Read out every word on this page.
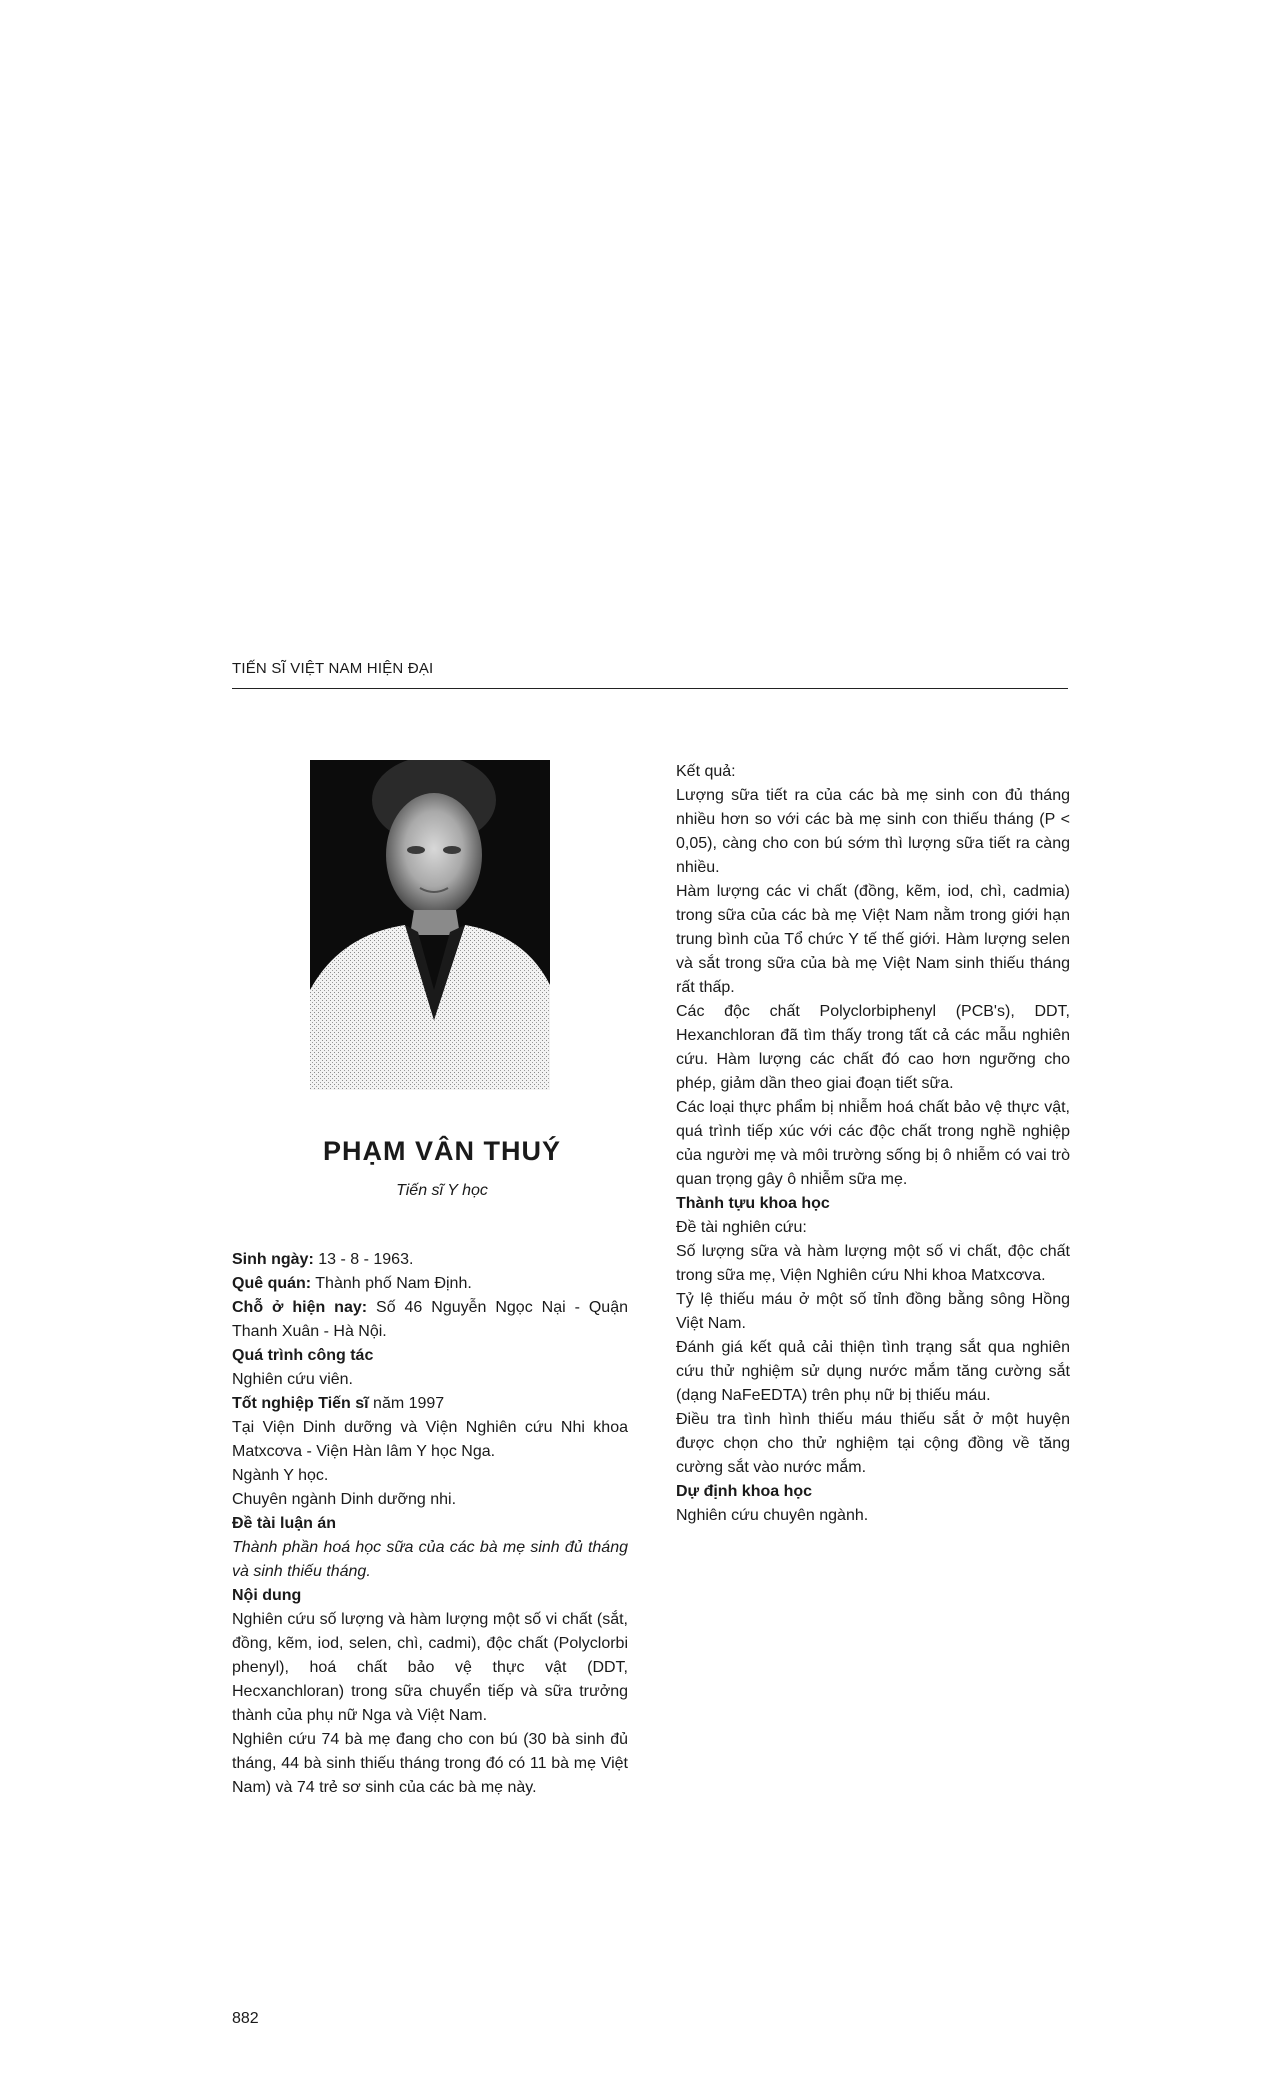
TIẾN SĨ VIỆT NAM HIỆN ĐẠI
PHẠM VÂN THUÝ
Tiến sĩ Y học

Sinh ngày: 13 - 8 - 1963.

Quê quán: Thành phố Nam Định.

Chỗ ở hiện nay: Số 46 Nguyễn Ngọc Nại - Quận Thanh Xuân - Hà Nội.

Quá trình công tác

Nghiên cứu viên.

Tốt nghiệp Tiến sĩ năm 1997

Tại Viện Dinh dưỡng và Viện Nghiên cứu Nhi khoa Matxcơva - Viện Hàn lâm Y học Nga.

Ngành Y học.

Chuyên ngành Dinh dưỡng nhi.

Đề tài luận án

Thành phần hoá học sữa của các bà mẹ sinh đủ tháng và sinh thiếu tháng.

Nội dung

Nghiên cứu số lượng và hàm lượng một số vi chất (sắt, đồng, kẽm, iod, selen, chì, cadmi), độc chất (Polyclorbi phenyl), hoá chất bảo vệ thực vật (DDT, Hecxanchloran) trong sữa chuyển tiếp và sữa trưởng thành của phụ nữ Nga và Việt Nam.

Nghiên cứu 74 bà mẹ đang cho con bú (30 bà sinh đủ tháng, 44 bà sinh thiếu tháng trong đó có 11 bà mẹ Việt Nam) và 74 trẻ sơ sinh của các bà mẹ này.

Kết quả:

Lượng sữa tiết ra của các bà mẹ sinh con đủ tháng nhiều hơn so với các bà mẹ sinh con thiếu tháng (P < 0,05), càng cho con bú sớm thì lượng sữa tiết ra càng nhiều.

Hàm lượng các vi chất (đồng, kẽm, iod, chì, cadmia) trong sữa của các bà mẹ Việt Nam nằm trong giới hạn trung bình của Tổ chức Y tế thế giới. Hàm lượng selen và sắt trong sữa của bà mẹ Việt Nam sinh thiếu tháng rất thấp.

Các độc chất Polyclorbiphenyl (PCB's), DDT, Hexanchloran đã tìm thấy trong tất cả các mẫu nghiên cứu. Hàm lượng các chất đó cao hơn ngưỡng cho phép, giảm dần theo giai đoạn tiết sữa.

Các loại thực phẩm bị nhiễm hoá chất bảo vệ thực vật, quá trình tiếp xúc với các độc chất trong nghề nghiệp của người mẹ và môi trường sống bị ô nhiễm có vai trò quan trọng gây ô nhiễm sữa mẹ.

Thành tựu khoa học

Đề tài nghiên cứu:

Số lượng sữa và hàm lượng một số vi chất, độc chất trong sữa mẹ, Viện Nghiên cứu Nhi khoa Matxcơva.

Tỷ lệ thiếu máu ở một số tỉnh đồng bằng sông Hồng Việt Nam.

Đánh giá kết quả cải thiện tình trạng sắt qua nghiên cứu thử nghiệm sử dụng nước mắm tăng cường sắt (dạng NaFeEDTA) trên phụ nữ bị thiếu máu.

Điều tra tình hình thiếu máu thiếu sắt ở một huyện được chọn cho thử nghiệm tại cộng đồng về tăng cường sắt vào nước mắm.

Dự định khoa học

Nghiên cứu chuyên ngành.

882
